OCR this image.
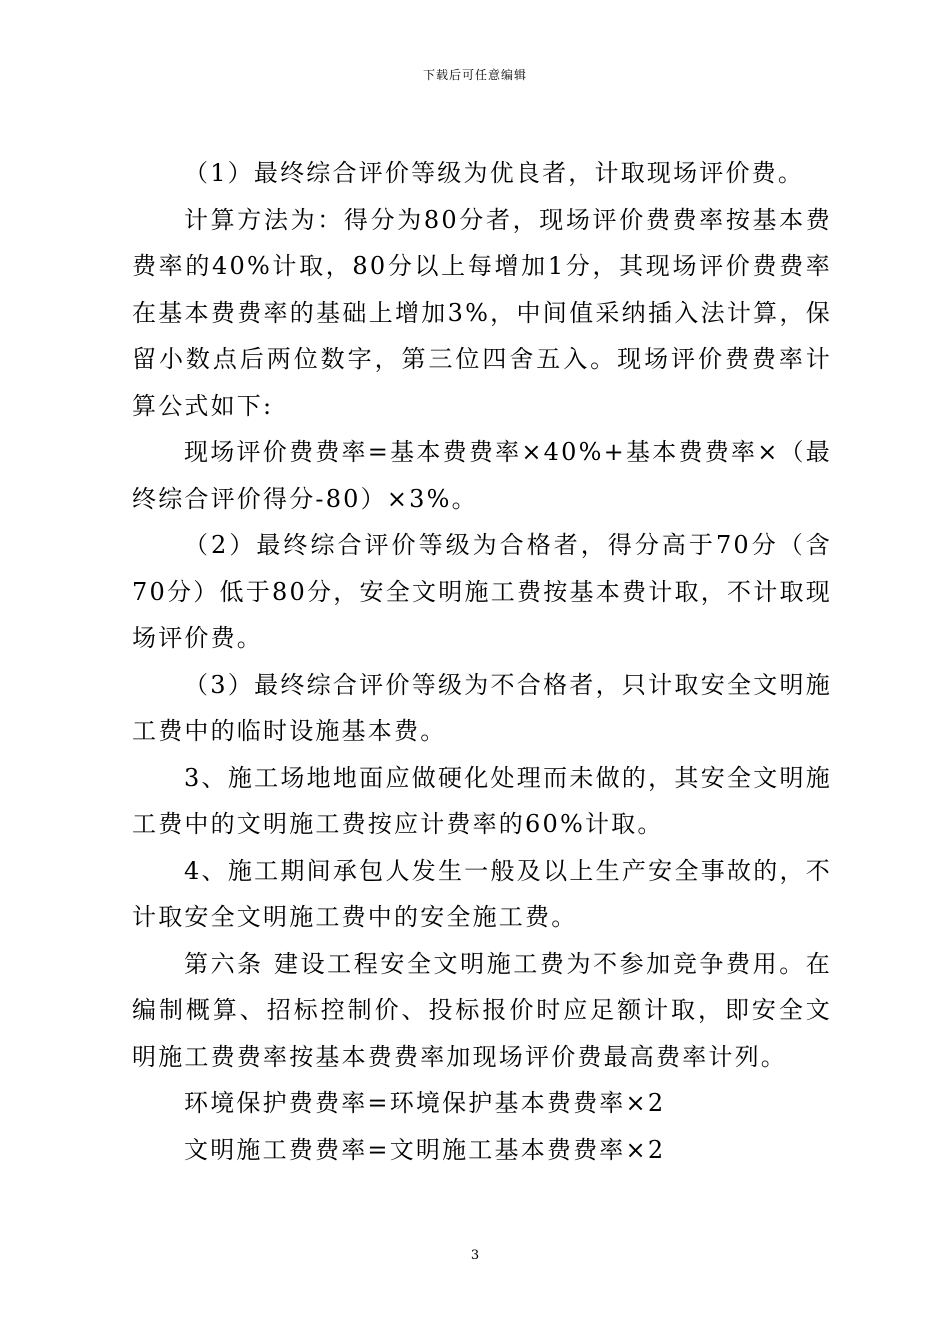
下载后可任意编辑

（1）最终综合评价等级为优良者，计取现场评价费。

计算方法为：得分为80分者，现场评价费费率按基本费费率的40%计取，80分以上每增加1分，其现场评价费费率在基本费费率的基础上增加3%，中间值采纳插入法计算，保留小数点后两位数字，第三位四舍五入。现场评价费费率计算公式如下:

现场评价费费率=基本费费率×40%+基本费费率×（最终综合评价得分-80）×3%。

（2）最终综合评价等级为合格者，得分高于70分（含70分）低于80分，安全文明施工费按基本费计取，不计取现场评价费。

（3）最终综合评价等级为不合格者，只计取安全文明施工费中的临时设施基本费。

3、施工场地地面应做硬化处理而未做的，其安全文明施工费中的文明施工费按应计费率的60%计取。

4、施工期间承包人发生一般及以上生产安全事故的，不计取安全文明施工费中的安全施工费。

第六条 建设工程安全文明施工费为不参加竞争费用。在编制概算、招标控制价、投标报价时应足额计取，即安全文明施工费费率按基本费费率加现场评价费最高费率计列。

环境保护费费率=环境保护基本费费率×2

文明施工费费率=文明施工基本费费率×2

3
